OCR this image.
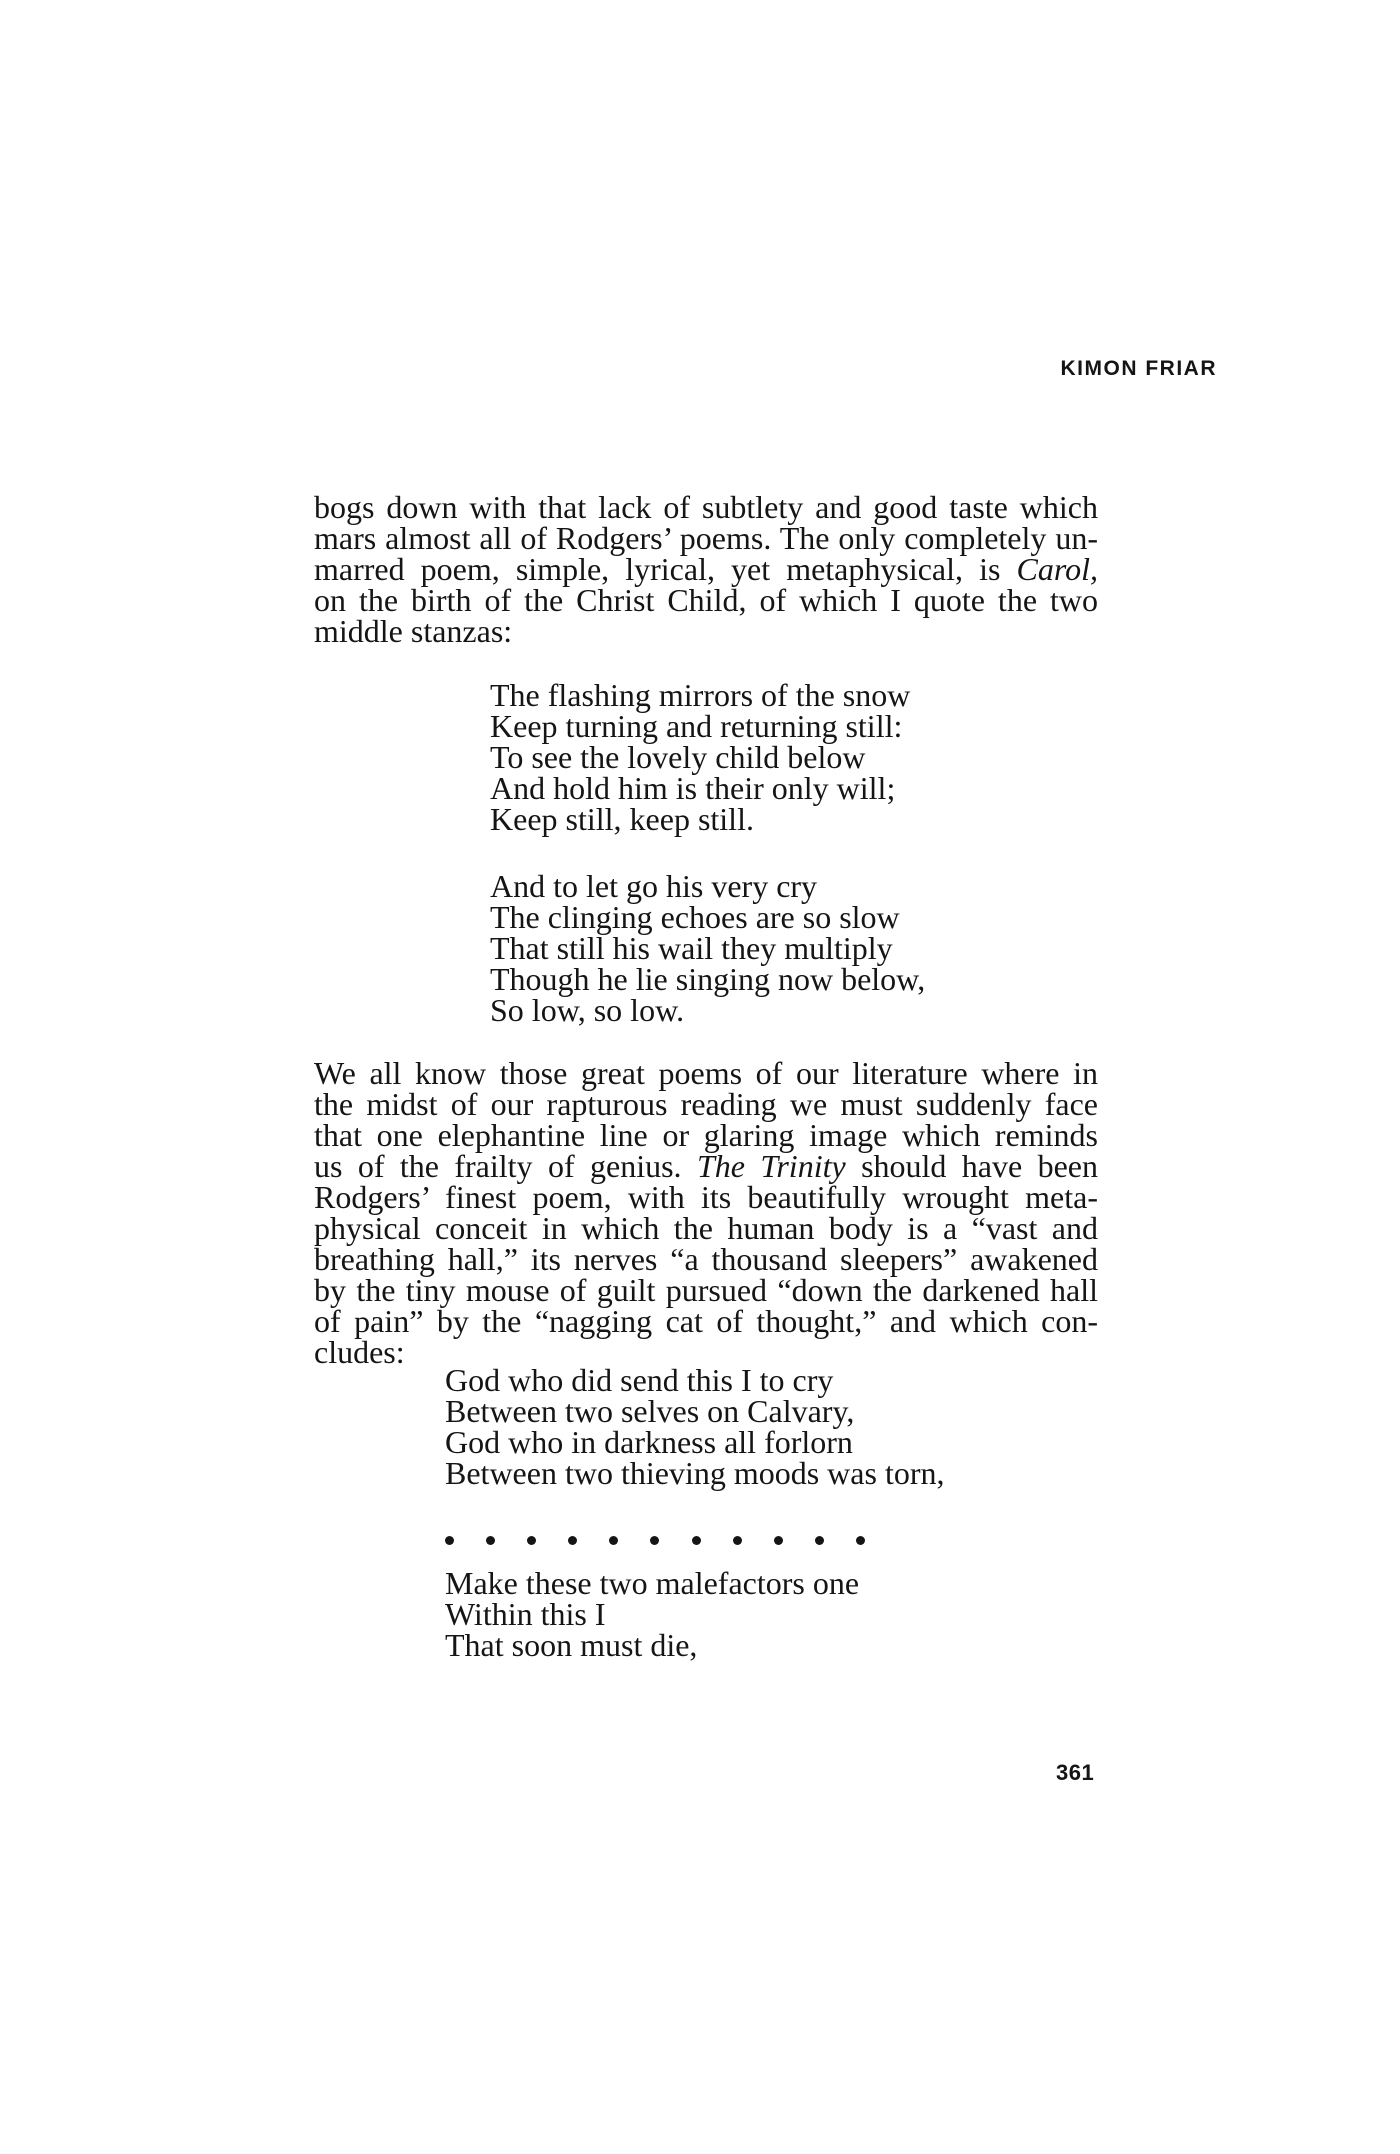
KIMON FRIAR

bogs down with that lack of subtlety and good taste which
mars almost all of Rodgers’ poems. The only completely un-
marred poem, simple, lyrical, yet metaphysical, is Carol,
on the birth of the Christ Child, of which I quote the two
middle stanzas:

The flashing mirrors of the snow
Keep turning and returning still:
To see the lovely child below
And hold him is their only will;
Keep still, keep still.
And to let go his very cry
The clinging echoes are so slow
That still his wail they multiply
Though he lie singing now below,
So low, so low.

We all know those great poems of our literature where in
the midst of our rapturous reading we must suddenly face
that one elephantine line or glaring image which reminds
us of the frailty of genius. The Trinity should have been
Rodgers’ finest poem, with its beautifully wrought meta-
physical conceit in which the human body is a “vast and
breathing hall,” its nerves “a thousand sleepers” awakened
by the tiny mouse of guilt pursued “down the darkened hall
of pain” by the “nagging cat of thought,” and which con-
cludes:

God who did send this I to cry
Between two selves on Calvary,
God who in darkness all forlorn
Between two thieving moods was torn,
Make these two malefactors one
Within this I
That soon must die,
361
